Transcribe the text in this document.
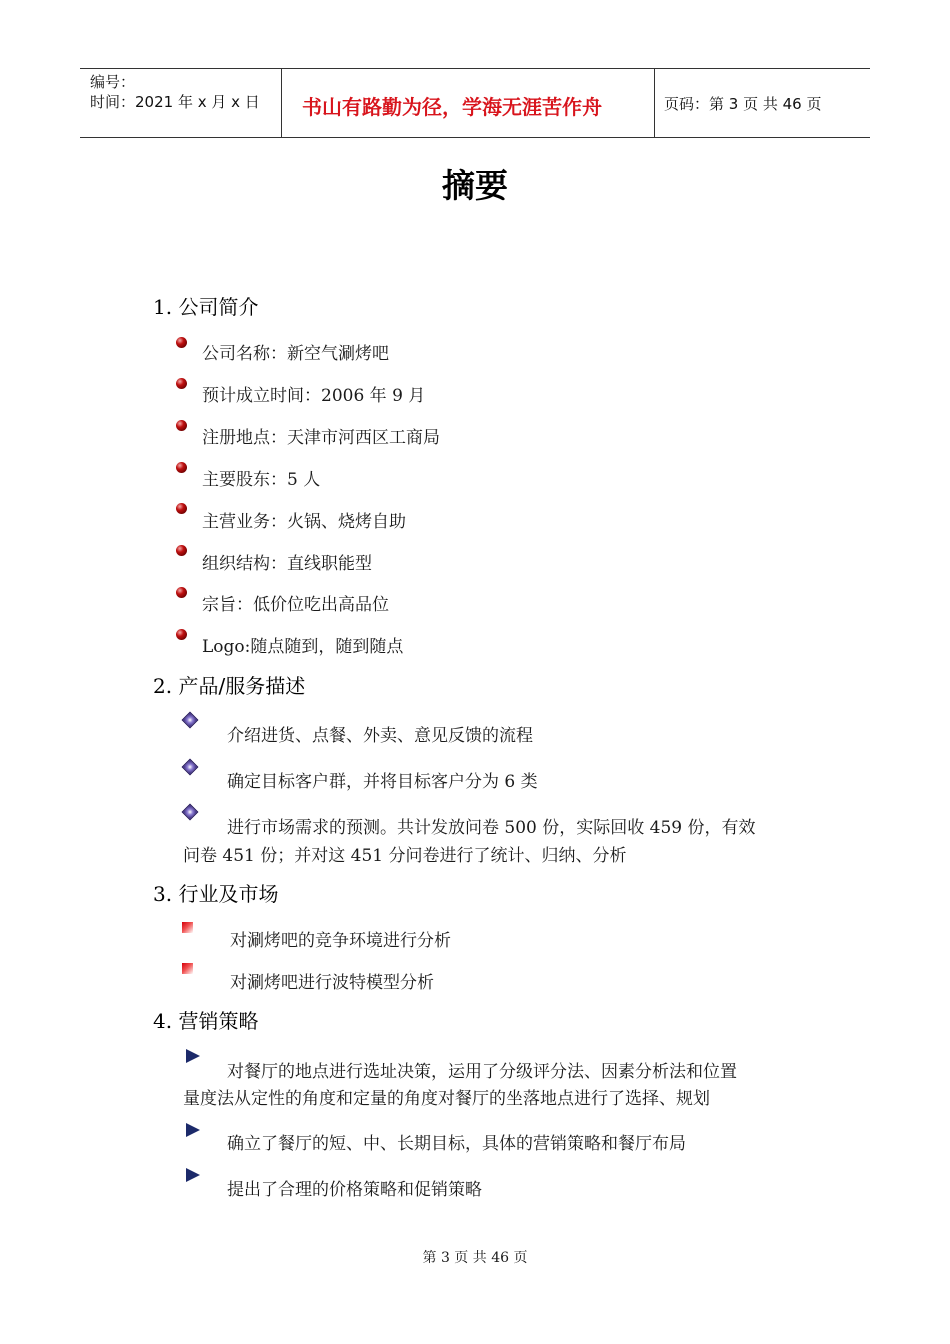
编号：
时间：2021 年 x 月 x 日 书山有路勤为径，学海无涯苦作舟	页码：第 3 页 共 46 页
摘要
1. 公司简介
公司名称：新空气涮烤吧
预计成立时间：2006 年 9 月
注册地点：天津市河西区工商局
主要股东：5 人
主营业务：火锅、烧烤自助
组织结构：直线职能型
宗旨：低价位吃出高品位
Logo:随点随到，随到随点
2. 产品/服务描述
介绍进货、点餐、外卖、意见反馈的流程
确定目标客户群，并将目标客户分为 6 类
进行市场需求的预测。共计发放问卷 500 份，实际回收 459 份，有效
问卷 451 份；并对这 451 分问卷进行了统计、归纳、分析
3. 行业及市场
对涮烤吧的竞争环境进行分析
对涮烤吧进行波特模型分析
4. 营销策略
对餐厅的地点进行选址决策，运用了分级评分法、因素分析法和位置
量度法从定性的角度和定量的角度对餐厅的坐落地点进行了选择、规划
确立了餐厅的短、中、长期目标，具体的营销策略和餐厅布局
提出了合理的价格策略和促销策略
第 3 页 共 46 页
